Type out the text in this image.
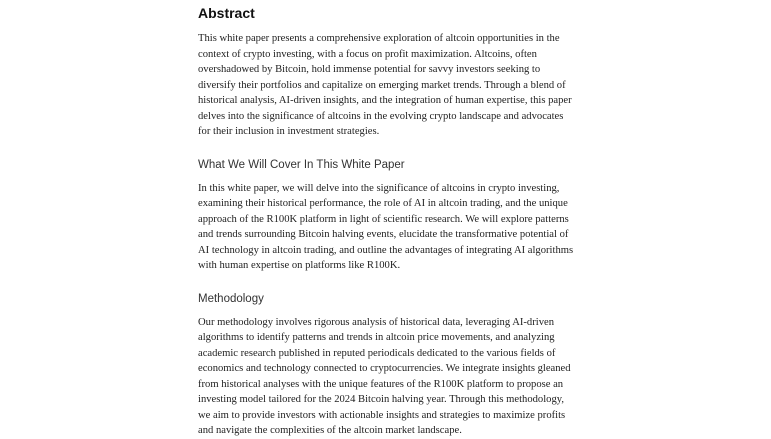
Abstract

This white paper presents a comprehensive exploration of altcoin opportunities in the context of crypto investing, with a focus on profit maximization. Altcoins, often overshadowed by Bitcoin, hold immense potential for savvy investors seeking to diversify their portfolios and capitalize on emerging market trends. Through a blend of historical analysis, AI-driven insights, and the integration of human expertise, this paper delves into the significance of altcoins in the evolving crypto landscape and advocates for their inclusion in investment strategies.

What We Will Cover In This White Paper

In this white paper, we will delve into the significance of altcoins in crypto investing, examining their historical performance, the role of AI in altcoin trading, and the unique approach of the R100K platform in light of scientific research. We will explore patterns and trends surrounding Bitcoin halving events, elucidate the transformative potential of AI technology in altcoin trading, and outline the advantages of integrating AI algorithms with human expertise on platforms like R100K.

Methodology

Our methodology involves rigorous analysis of historical data, leveraging AI-driven algorithms to identify patterns and trends in altcoin price movements, and analyzing academic research published in reputed periodicals dedicated to the various fields of economics and technology connected to cryptocurrencies. We integrate insights gleaned from historical analyses with the unique features of the R100K platform to propose an investing model tailored for the 2024 Bitcoin halving year. Through this methodology, we aim to provide investors with actionable insights and strategies to maximize profits and navigate the complexities of the altcoin market landscape.
